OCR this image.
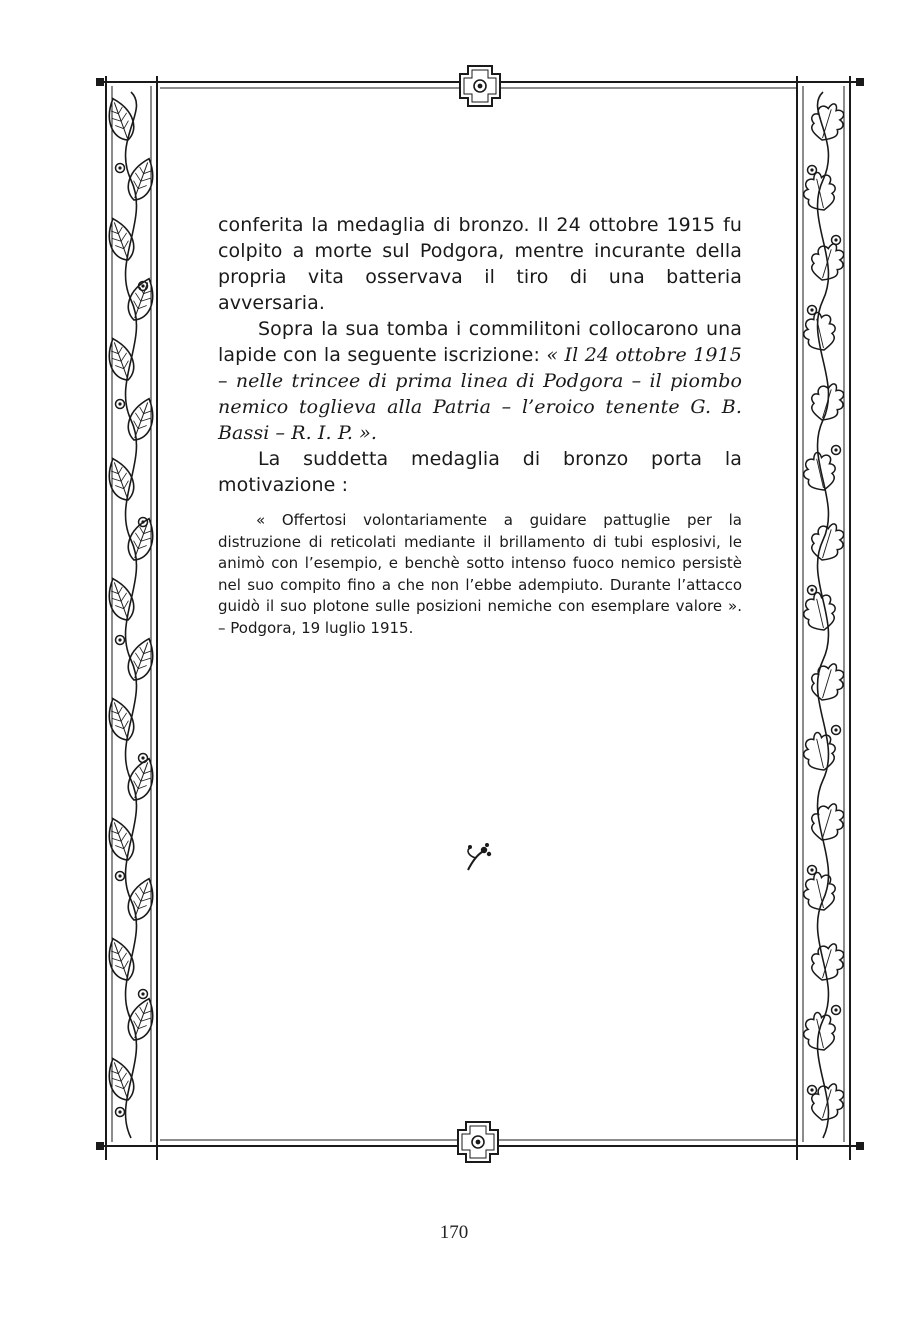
conferita la medaglia di bronzo. Il 24 ottobre 1915 fu colpito a morte sul Podgora, mentre incurante della propria vita osservava il tiro di una batteria avversaria.

Sopra la sua tomba i commilitoni collocarono una lapide con la seguente iscrizione: « Il 24 ottobre 1915 – nelle trincee di prima linea di Podgora – il piombo nemico toglieva alla Patria – l’eroico tenente G. B. Bassi – R. I. P. ».

La suddetta medaglia di bronzo porta la motivazione :

« Offertosi volontariamente a guidare pattuglie per la distruzione di reticolati mediante il brillamento di tubi esplosivi, le animò con l’esempio, e benchè sotto intenso fuoco nemico persistè nel suo compito fino a che non l’ebbe adempiuto. Durante l’attacco guidò il suo plotone sulle posizioni nemiche con esemplare valore ». – Podgora, 19 luglio 1915.

170
